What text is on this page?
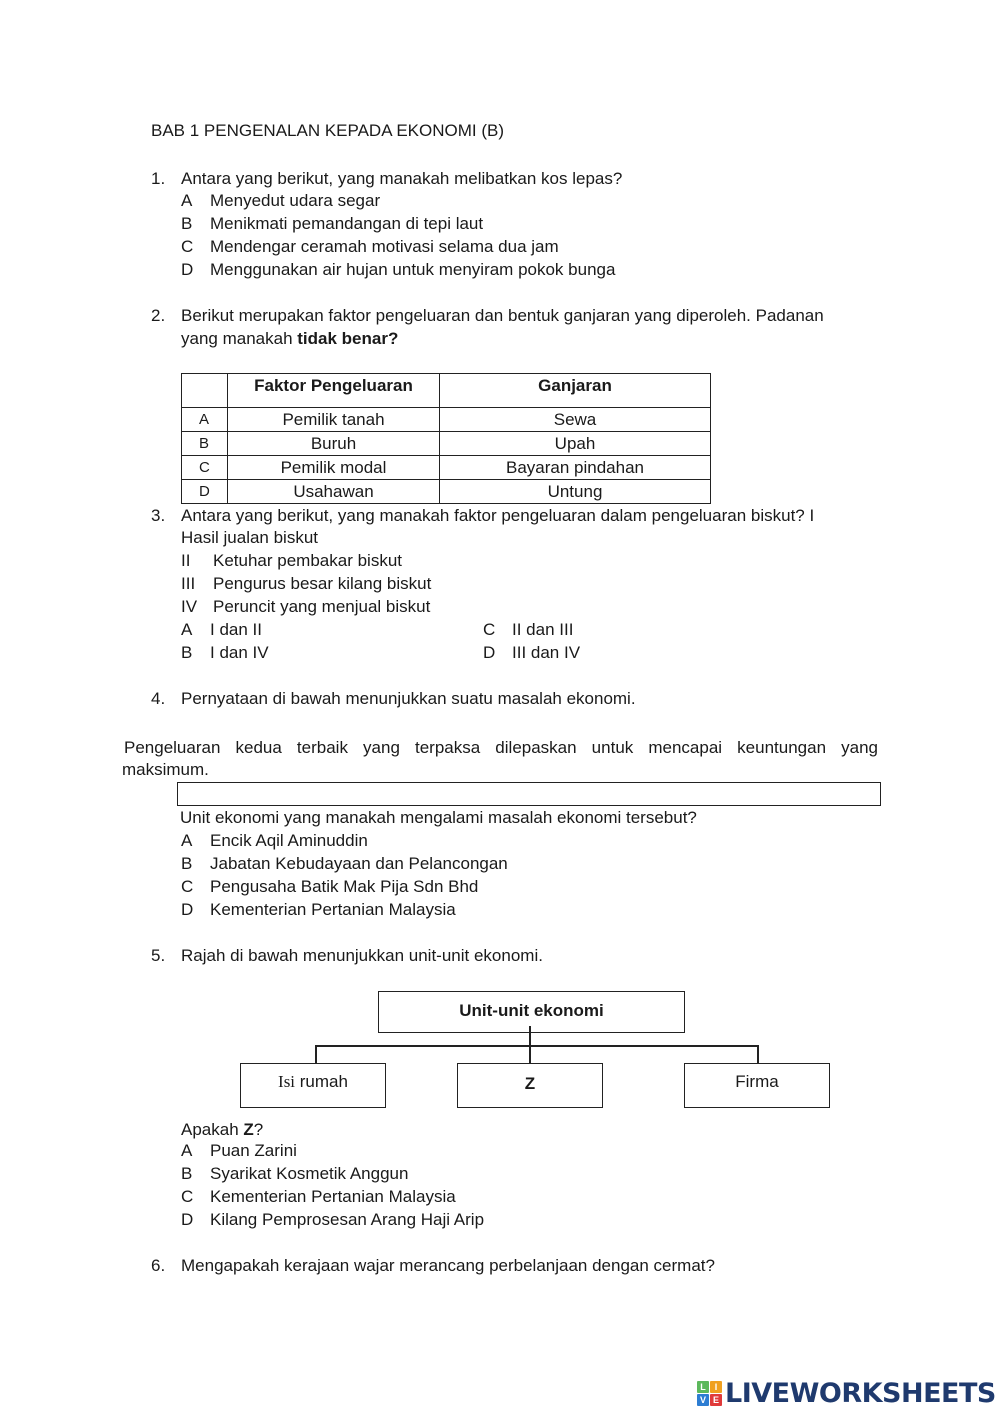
BAB 1 PENGENALAN KEPADA EKONOMI (B)
1. Antara yang berikut, yang manakah melibatkan kos lepas?
A Menyedut udara segar
B Menikmati pemandangan di tepi laut
C Mendengar ceramah motivasi selama dua jam
D Menggunakan air hujan untuk menyiram pokok bunga
2. Berikut merupakan faktor pengeluaran dan bentuk ganjaran yang diperoleh. Padanan
yang manakah tidak benar?
	Faktor Pengeluaran	Ganjaran
A	Pemilik tanah	Sewa
B	Buruh	Upah
C	Pemilik modal	Bayaran pindahan
D	Usahawan	Untung
3. Antara yang berikut, yang manakah faktor pengeluaran dalam pengeluaran biskut? I
Hasil jualan biskut
II Ketuhar pembakar biskut
III Pengurus besar kilang biskut
IV Peruncit yang menjual biskut
A I dan II
B I dan IV
C II dan III
D III dan IV
4. Pernyataan di bawah menunjukkan suatu masalah ekonomi.
Pengeluaran kedua terbaik yang terpaksa dilepaskan untuk mencapai keuntungan yang
maksimum.
Unit ekonomi yang manakah mengalami masalah ekonomi tersebut?
A Encik Aqil Aminuddin
B Jabatan Kebudayaan dan Pelancongan
C Pengusaha Batik Mak Pija Sdn Bhd
D Kementerian Pertanian Malaysia
5. Rajah di bawah menunjukkan unit-unit ekonomi.
Unit-unit ekonomi
Isi rumah	Z	Firma
Apakah Z?
A Puan Zarini
B Syarikat Kosmetik Anggun
C Kementerian Pertanian Malaysia
D Kilang Pemprosesan Arang Haji Arip
6. Mengapakah kerajaan wajar merancang perbelanjaan dengan cermat?
L I
V E LIVEWORKSHEETS
